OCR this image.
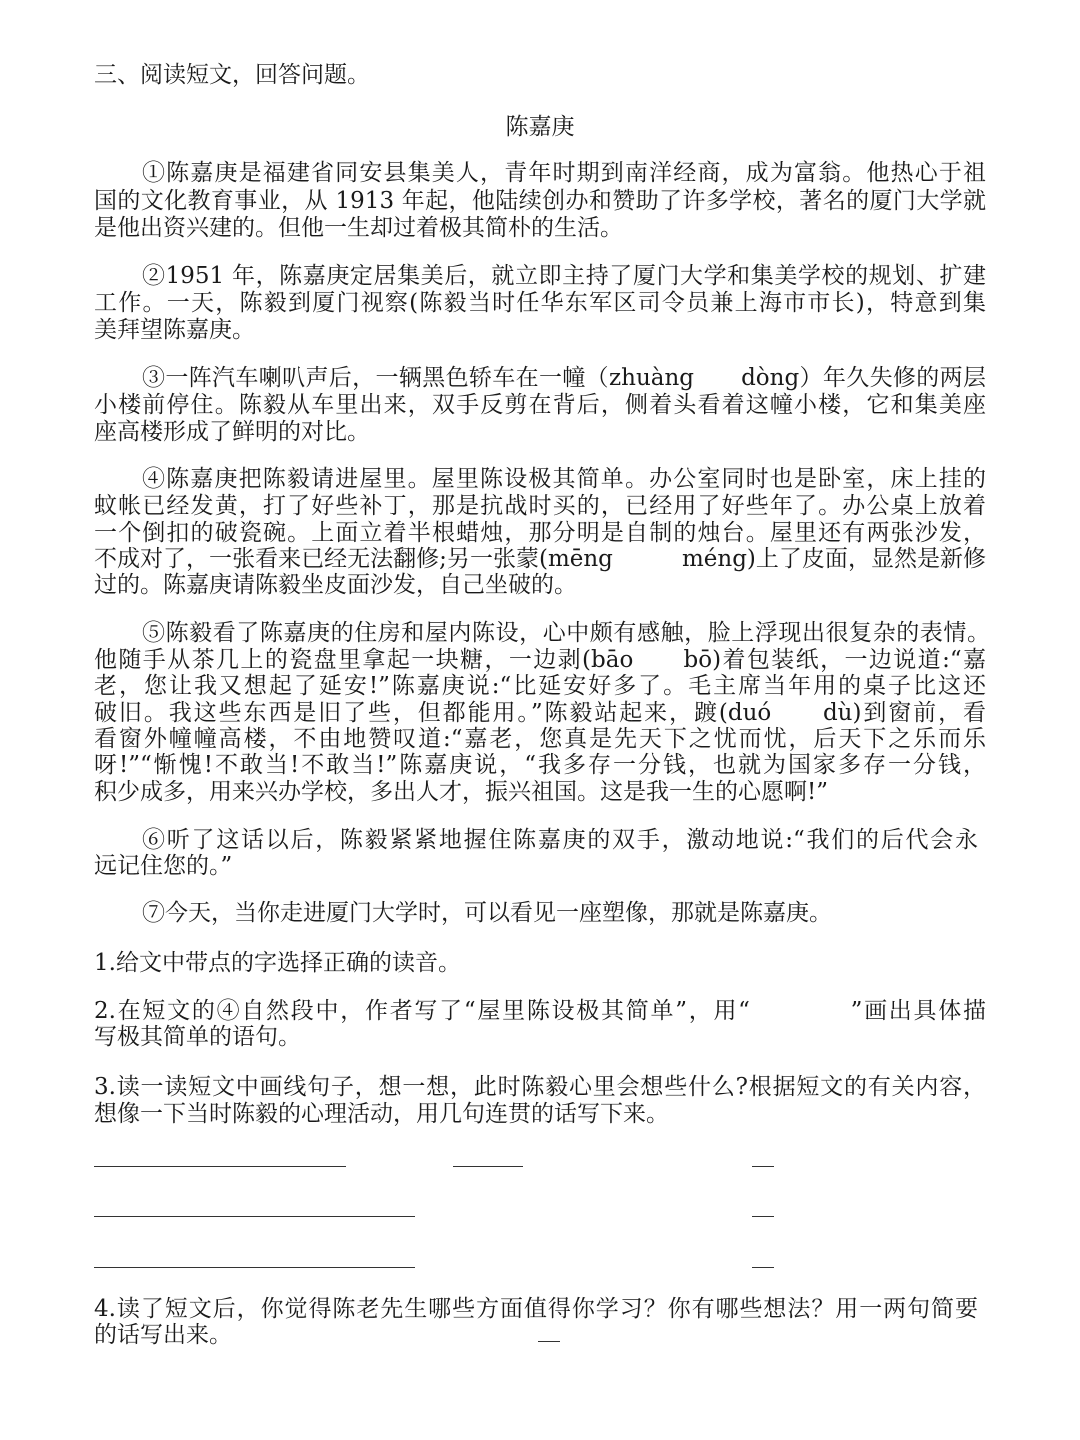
三、阅读短文，回答问题。
陈嘉庚
①陈嘉庚是福建省同安县集美人，青年时期到南洋经商，成为富翁。他热心于祖
国的文化教育事业，从 1913 年起，他陆续创办和赞助了许多学校，著名的厦门大学就
是他出资兴建的。但他一生却过着极其简朴的生活。
②1951 年，陈嘉庚定居集美后，就立即主持了厦门大学和集美学校的规划、扩建
工作。一天，陈毅到厦门视察(陈毅当时任华东军区司令员兼上海市市长)，特意到集
美拜望陈嘉庚。
③一阵汽车喇叭声后，一辆黑色轿车在一幢（zhuàng　　dòng）年久失修的两层
小楼前停住。陈毅从车里出来，双手反剪在背后，侧着头看着这幢小楼，它和集美座
座高楼形成了鲜明的对比。
④陈嘉庚把陈毅请进屋里。屋里陈设极其简单。办公室同时也是卧室，床上挂的
蚊帐已经发黄，打了好些补丁，那是抗战时买的，已经用了好些年了。办公桌上放着
一个倒扣的破瓷碗。上面立着半根蜡烛，那分明是自制的烛台。屋里还有两张沙发，
不成对了，一张看来已经无法翻修;另一张蒙(mēng　　　méng)上了皮面，显然是新修
过的。陈嘉庚请陈毅坐皮面沙发，自己坐破的。
⑤陈毅看了陈嘉庚的住房和屋内陈设，心中颇有感触，脸上浮现出很复杂的表情。
他随手从茶几上的瓷盘里拿起一块糖，一边剥(bāo　　bō)着包装纸，一边说道:“嘉
老，您让我又想起了延安!”陈嘉庚说:“比延安好多了。毛主席当年用的桌子比这还
破旧。我这些东西是旧了些，但都能用。”陈毅站起来，踱(duó　　dù)到窗前，看
看窗外幢幢高楼，不由地赞叹道:“嘉老，您真是先天下之忧而忧，后天下之乐而乐
呀!”“惭愧!不敢当!不敢当!”陈嘉庚说，“我多存一分钱，也就为国家多存一分钱，
积少成多，用来兴办学校，多出人才，振兴祖国。这是我一生的心愿啊!”
⑥听了这话以后，陈毅紧紧地握住陈嘉庚的双手，激动地说:“我们的后代会永
远记住您的。”
⑦今天，当你走进厦门大学时，可以看见一座塑像，那就是陈嘉庚。
1.给文中带点的字选择正确的读音。
2.在短文的④自然段中，作者写了“屋里陈设极其简单”，用“　　　　”画出具体描
写极其简单的语句。
3.读一读短文中画线句子，想一想，此时陈毅心里会想些什么?根据短文的有关内容，
想像一下当时陈毅的心理活动，用几句连贯的话写下来。
4.读了短文后，你觉得陈老先生哪些方面值得你学习？你有哪些想法？用一两句简要
的话写出来。
